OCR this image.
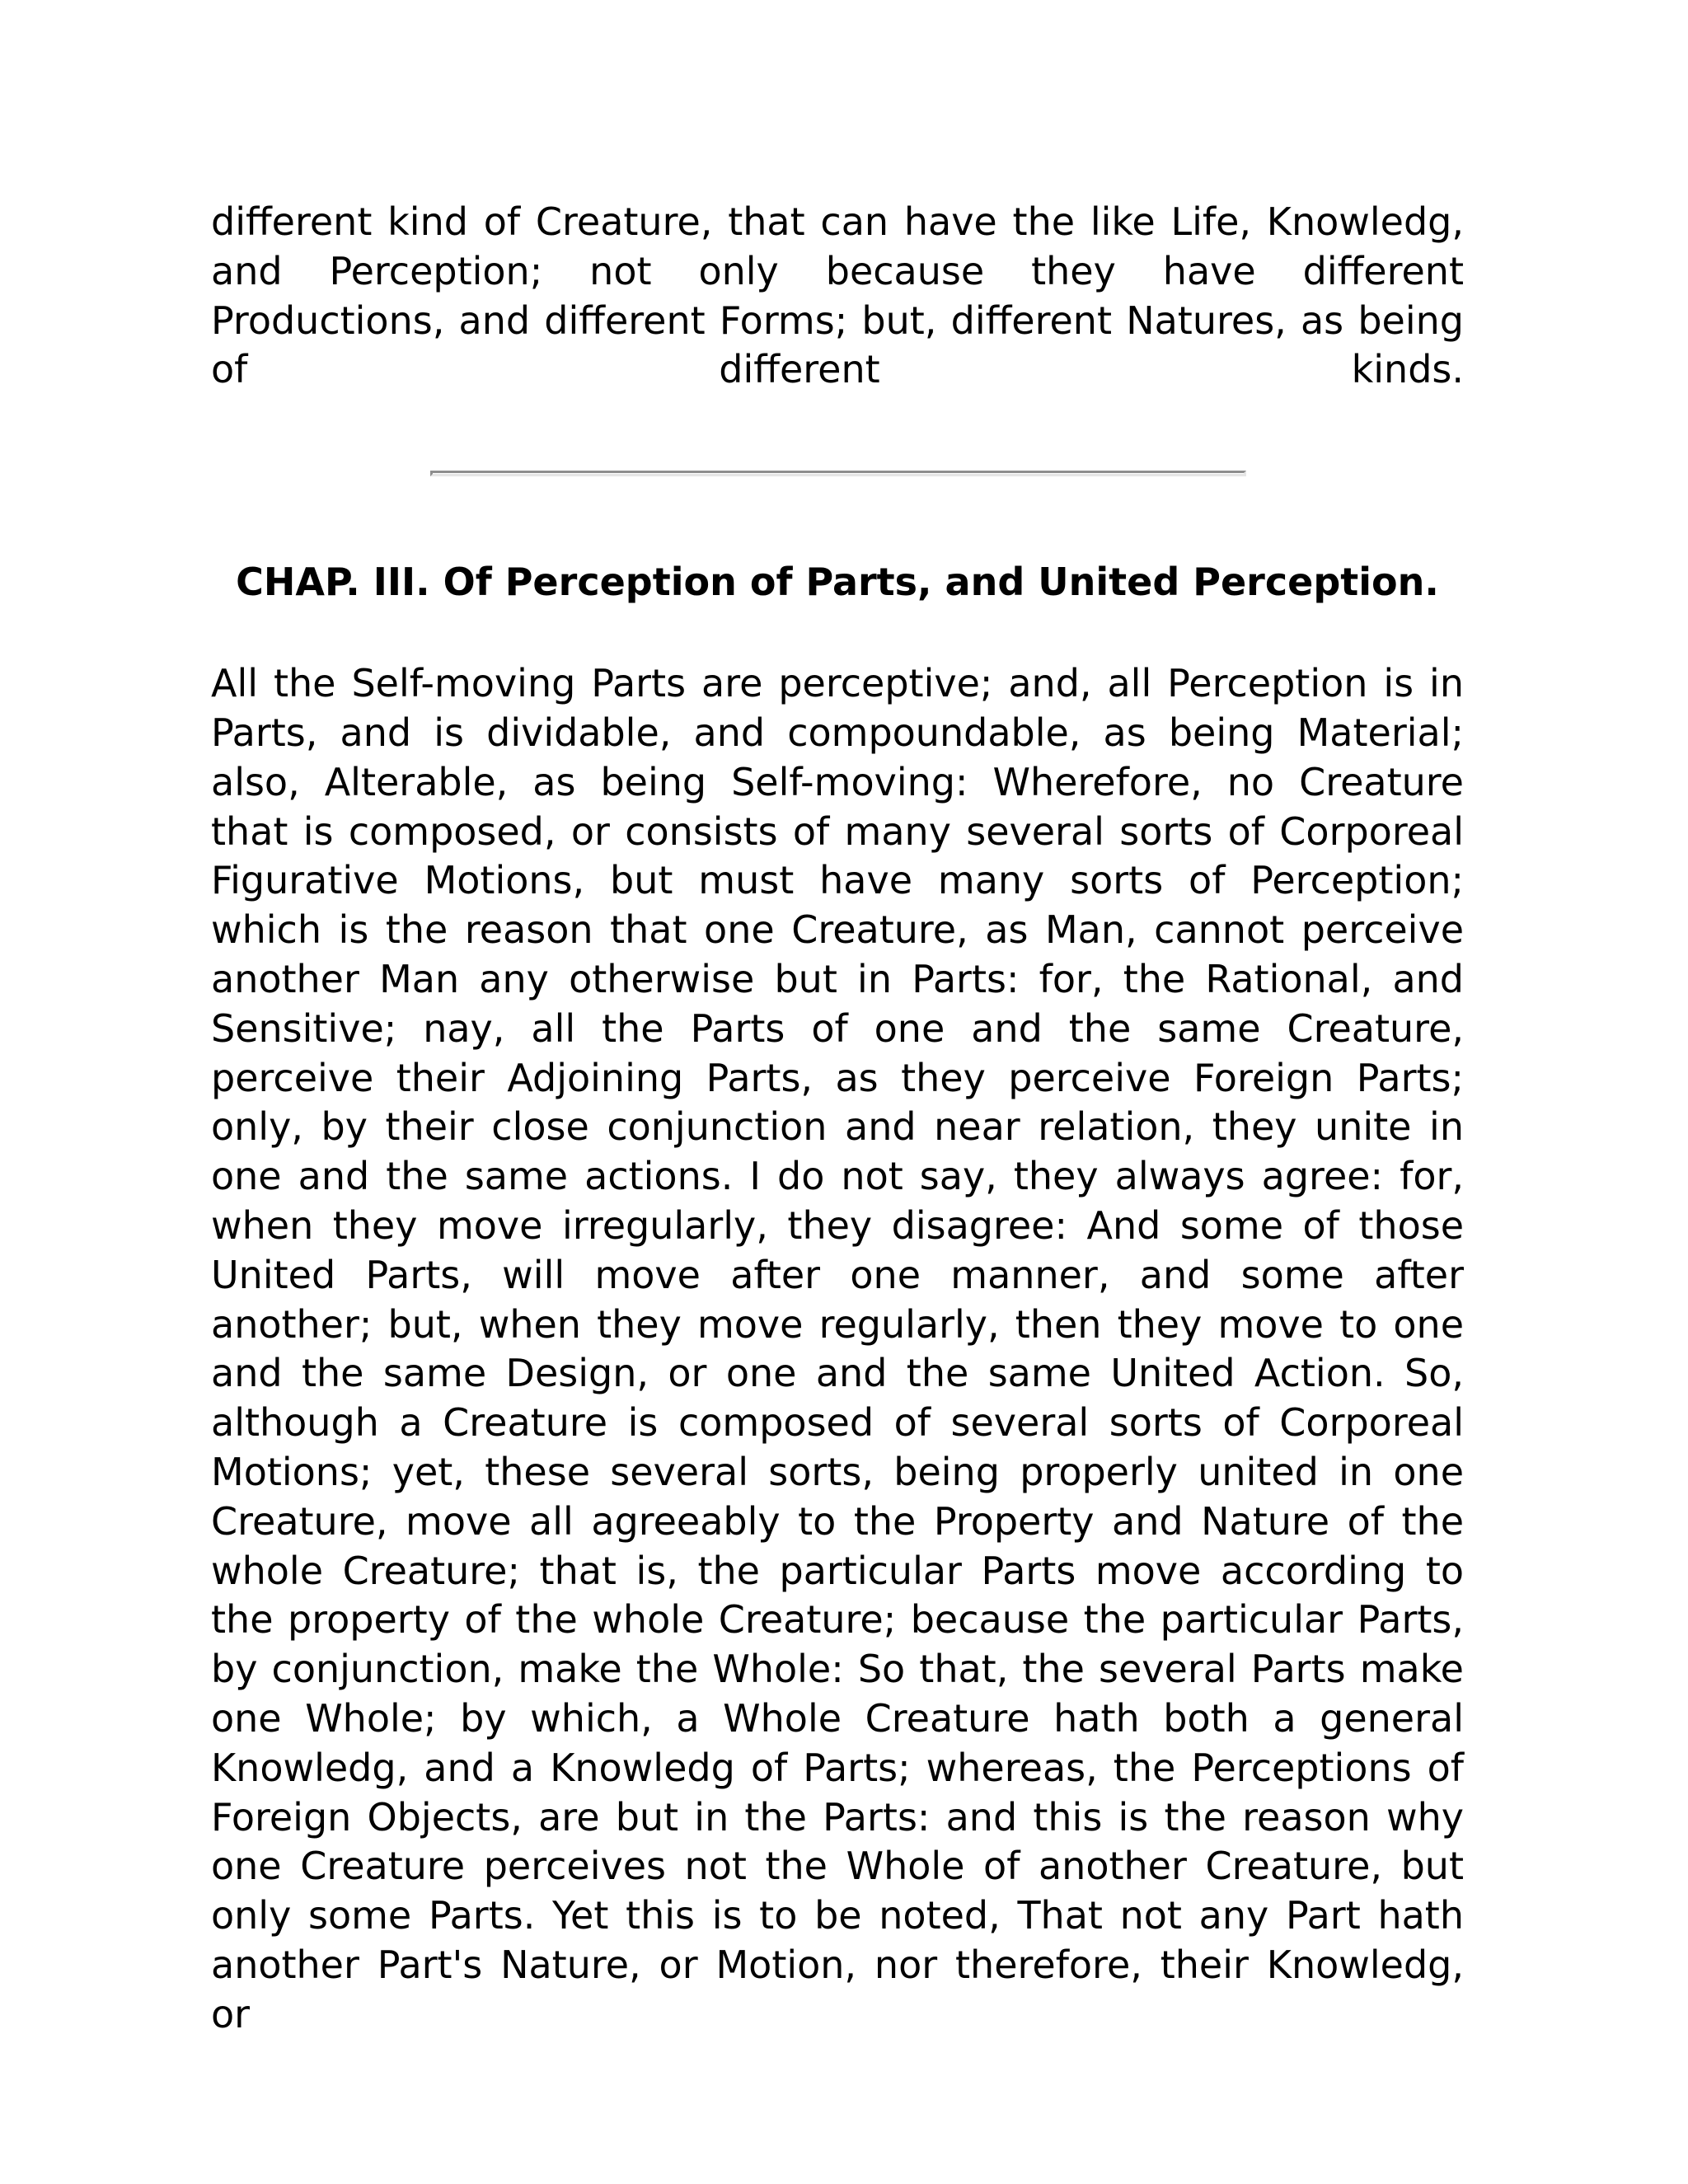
different kind of Creature, that can have the like Life, Knowledg, and Perception; not only because they have different Productions, and different Forms; but, different Natures, as being of different kinds.

CHAP. III. Of Perception of Parts, and United Perception.

All the Self-moving Parts are perceptive; and, all Perception is in Parts, and is dividable, and compoundable, as being Material; also, Alterable, as being Self-moving: Wherefore, no Creature that is composed, or consists of many several sorts of Corporeal Figurative Motions, but must have many sorts of Perception; which is the reason that one Creature, as Man, cannot perceive another Man any otherwise but in Parts: for, the Rational, and Sensitive; nay, all the Parts of one and the same Creature, perceive their Adjoining Parts, as they perceive Foreign Parts; only, by their close conjunction and near relation, they unite in one and the same actions. I do not say, they always agree: for, when they move irregularly, they disagree: And some of those United Parts, will move after one manner, and some after another; but, when they move regularly, then they move to one and the same Design, or one and the same United Action. So, although a Creature is composed of several sorts of Corporeal Motions; yet, these several sorts, being properly united in one Creature, move all agreeably to the Property and Nature of the whole Creature; that is, the particular Parts move according to the property of the whole Creature; because the particular Parts, by conjunction, make the Whole: So that, the several Parts make one Whole; by which, a Whole Creature hath both a general Knowledg, and a Knowledg of Parts; whereas, the Perceptions of Foreign Objects, are but in the Parts: and this is the reason why one Creature perceives not the Whole of another Creature, but only some Parts. Yet this is to be noted, That not any Part hath another Part's Nature, or Motion, nor therefore, their Knowledg, or
